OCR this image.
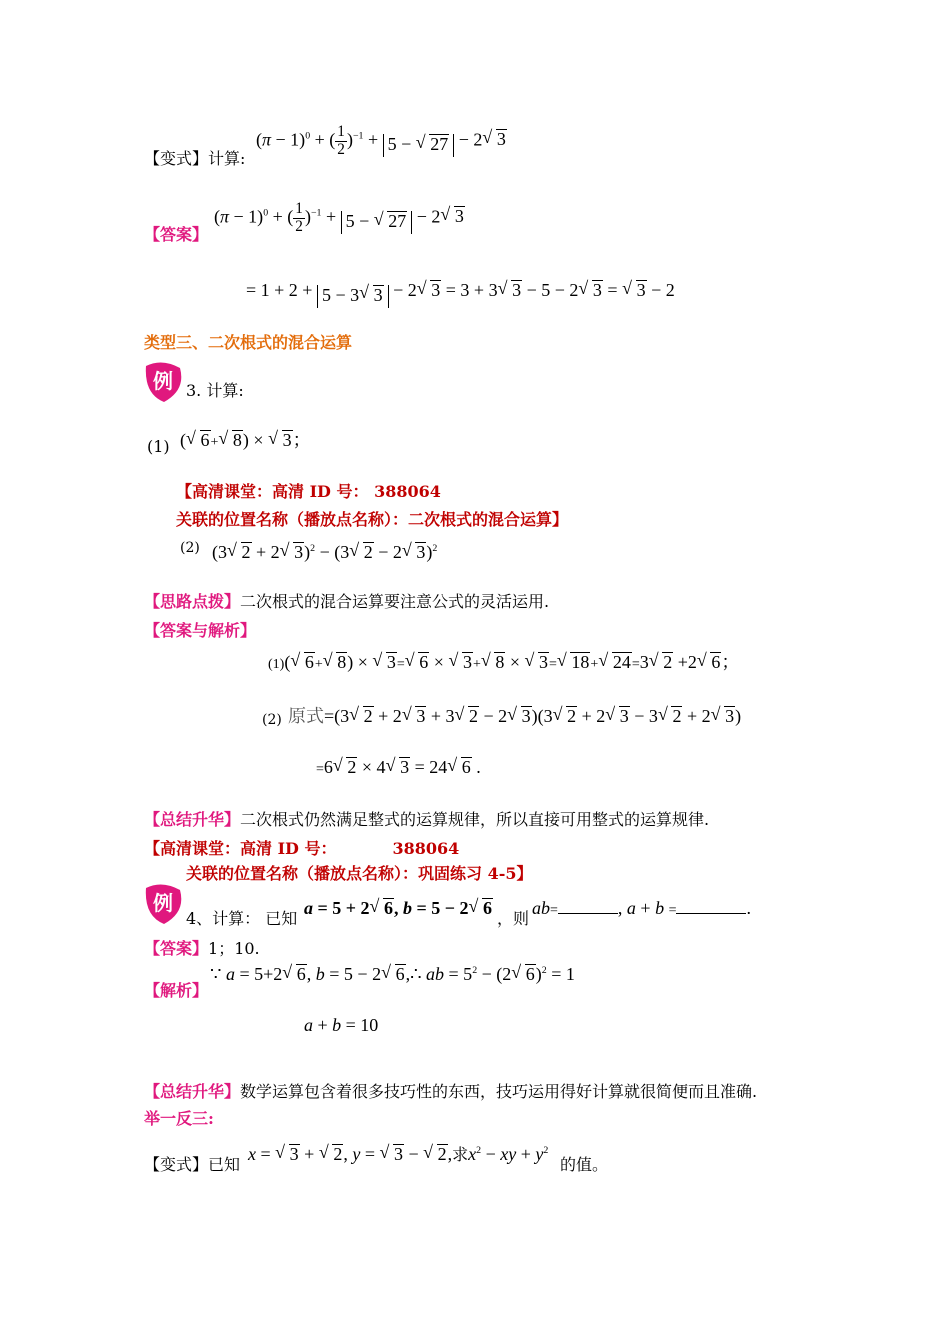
【变式】计算:
$(\pi - 1)^0$ + ( $\frac{1}{2} )^{-1} + 5$ − √ 27 − 2√ 3
【答案】
$(\pi - 1)^0$ + ( $\frac{1}{2} )^{-1} + 5$ − √ 27 − 2√ 3
= 1 + 2 + 5 − 3√ 3 − 2√ 3 = 3 + 3√ 3 − 5 − 2√ 3 = √ 3 − 2
类型三、二次根式的混合运算
例 3. 计算:
(1) (√ 6+√ 8) × √ 3；
【高清课堂：高清 ID 号： 388064
关联的位置名称（播放点名称）：二次根式的混合运算】
(2) (3√ 2 + 2√ 3)$^2$ − (3√ 2 − 2√ 3)$^2$
【思路点拨】二次根式的混合运算要注意公式的灵活运用.
【答案与解析】
(1)(√ 6+√ 8) × √ 3=√ 6 × √ 3+√ 8 × √ 3=√ 18+√ 24=3√ 2 +2√ 6；
(2) 原式=(3√ 2 + 2√ 3 + 3√ 2 − 2√ 3)(3√ 2 + 2√ 3 − 3√ 2 + 2√ 3)
=6√ 2 × 4√ 3 = 24√ 6 .
【总结升华】二次根式仍然满足整式的运算规律，所以直接可用整式的运算规律.
【高清课堂：高清 ID 号：	388064
关联的位置名称（播放点名称）：巩固练习 4-5】
例
4、计算： 已知
a = 5 + 2√ 6, b = 5 − 2√ 6
，则
ab=	, a + b =	.
【答案】1；10.
【解析】
∵ a = 5+2√ 6, b = 5 − 2√ 6,∴ ab = $5^2 - (2√$ 6)$^2$ = 1
a + b = 10
【总结升华】数学运算包含着很多技巧性的东西，技巧运用得好计算就很简便而且准确.
举一反三:
【变式】已知
x = √ 3 + √ 2, y = √ 3 − √ 2,求$x^2$ − xy + $y^2$
的值。
